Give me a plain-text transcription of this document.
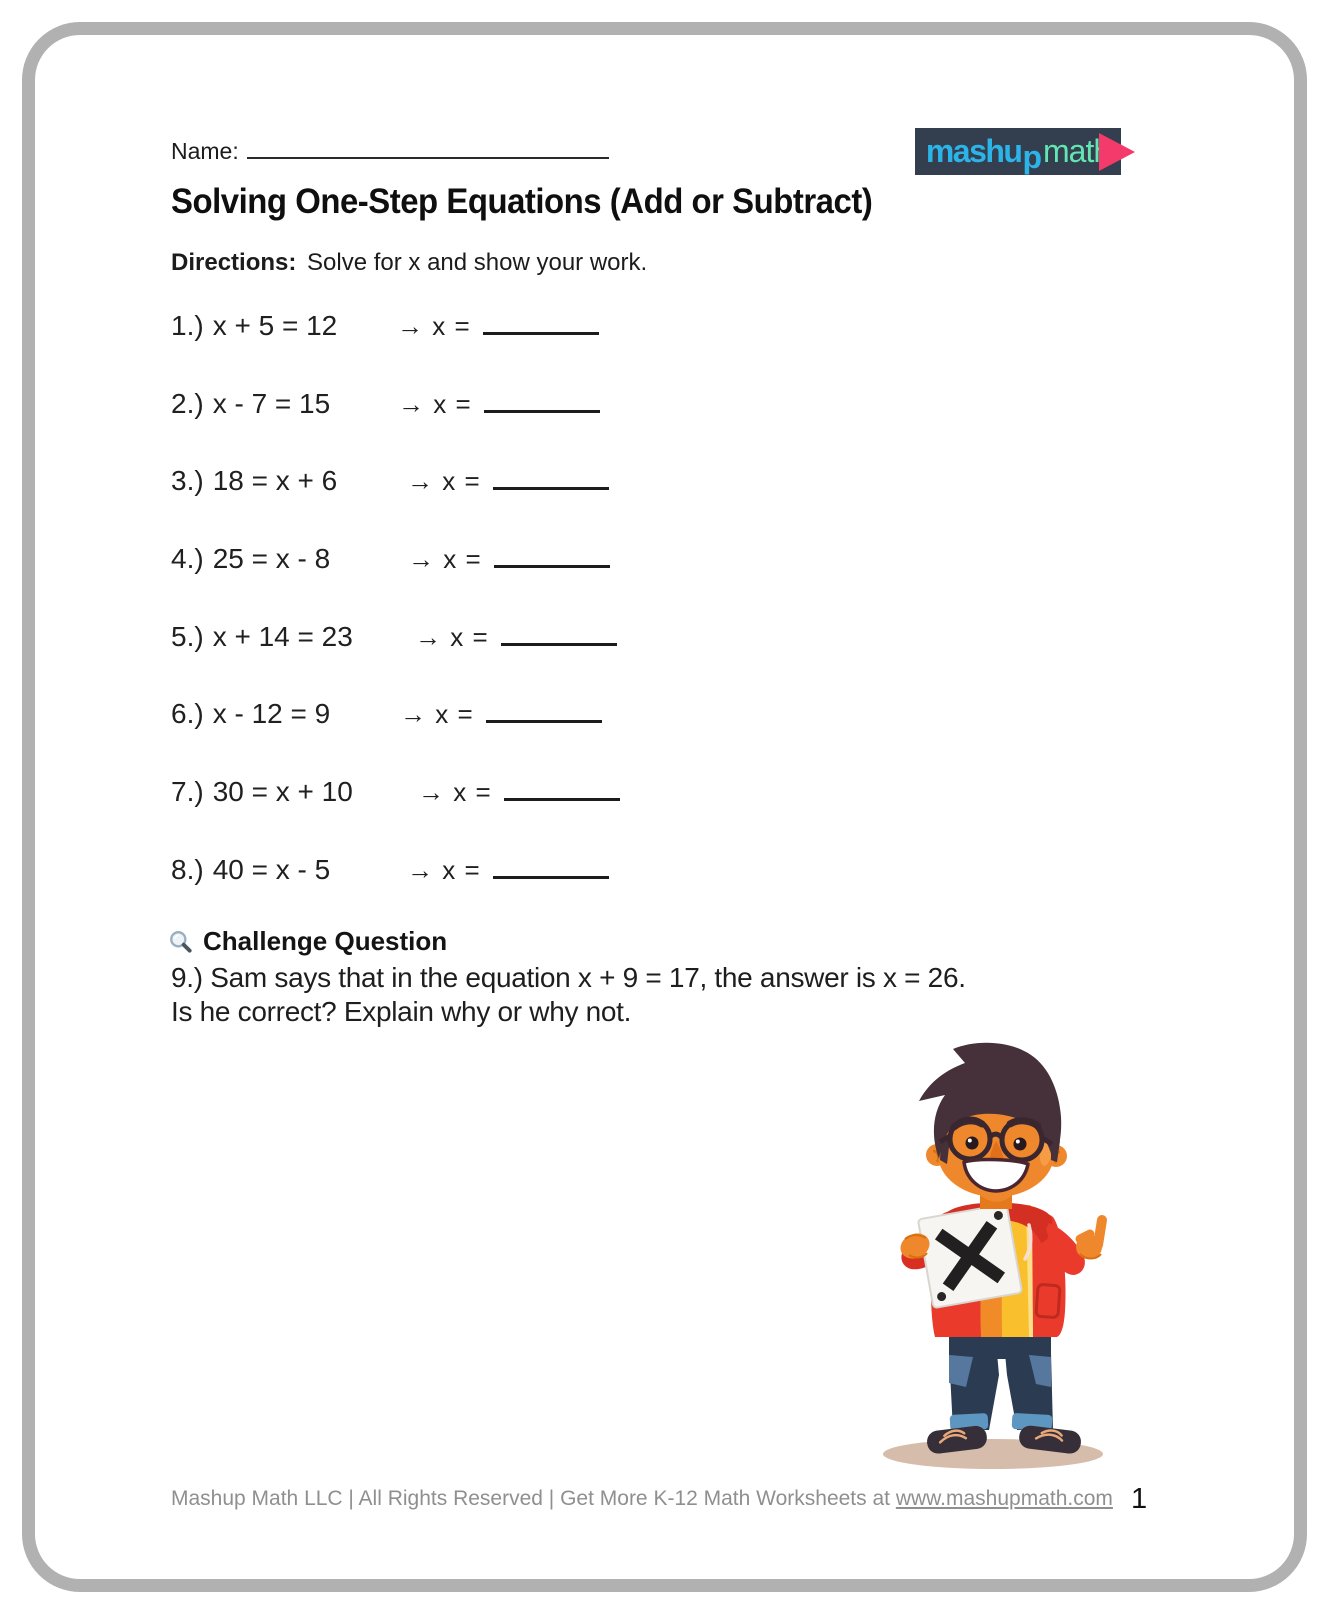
mashu p math
Name:
Solving One-Step Equations (Add or Subtract)

Directions: Solve for x and show your work.

1.) x + 5 = 12 → x =
2.) x - 7 = 15	→ x =
3.) 18 = x + 6	→ x =
4.) 25 = x - 8	→ x =
5.) x + 14 = 23 → x =
6.) x - 12 = 9	→ x =
7.) 30 = x + 10	→ x =
8.) 40 = x - 5	→ x =
Challenge Question

9.) Sam says that in the equation x + 9 = 17, the answer is x = 26.

Is he correct? Explain why or why not.

Mashup Math LLC | All Rights Reserved | Get More K-12 Math Worksheets at www.mashupmath.com 1
